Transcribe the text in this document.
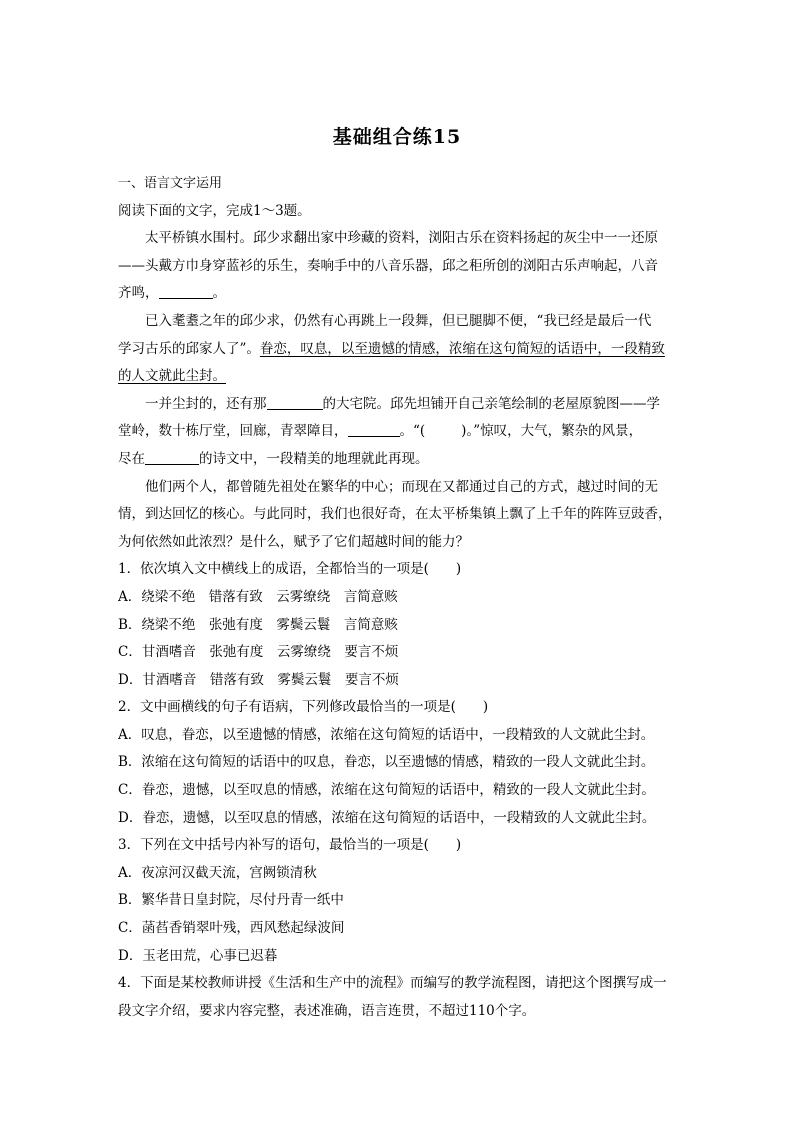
基础组合练15
一、语言文字运用
阅读下面的文字，完成1～3题。
太平桥镇水围村。邱少求翻出家中珍藏的资料，浏阳古乐在资料扬起的灰尘中一一还原
——头戴方巾身穿蓝衫的乐生，奏响手中的八音乐器，邱之秬所创的浏阳古乐声响起，八音
齐鸣，	。
已入耄耋之年的邱少求，仍然有心再跳上一段舞，但已腿脚不便，“我已经是最后一代
学习古乐的邱家人了”。眷恋，叹息，以至遗憾的情感，浓缩在这句简短的话语中，一段精致
的人文就此尘封。
一并尘封的，还有那	的大宅院。邱先坦铺开自己亲笔绘制的老屋原貌图——学
堂岭，数十栋厅堂，回廊，青翠障目，	。“(	)。”惊叹，大气，繁杂的风景，
尽在	的诗文中，一段精美的地理就此再现。
他们两个人，都曾随先祖处在繁华的中心；而现在又都通过自己的方式，越过时间的无
情，到达回忆的核心。与此同时，我们也很好奇，在太平桥集镇上飘了上千年的阵阵豆豉香，
为何依然如此浓烈？是什么，赋予了它们超越时间的能力？
1．依次填入文中横线上的成语，全都恰当的一项是(　　)
A．绕梁不绝　错落有致　云雾缭绕　言简意赅
B．绕梁不绝　张弛有度　雾鬓云鬟　言简意赅
C．甘酒嗜音　张弛有度　云雾缭绕　要言不烦
D．甘酒嗜音　错落有致　雾鬓云鬟　要言不烦
2．文中画横线的句子有语病，下列修改最恰当的一项是(　　)
A．叹息，眷恋，以至遗憾的情感，浓缩在这句简短的话语中，一段精致的人文就此尘封。
B．浓缩在这句简短的话语中的叹息，眷恋，以至遗憾的情感，精致的一段人文就此尘封。
C．眷恋，遗憾，以至叹息的情感，浓缩在这句简短的话语中，精致的一段人文就此尘封。
D．眷恋，遗憾，以至叹息的情感，浓缩在这句简短的话语中，一段精致的人文就此尘封。
3．下列在文中括号内补写的语句，最恰当的一项是(　　)
A．夜凉河汉截天流，宫阙锁清秋
B．繁华昔日皇封院，尽付丹青一纸中
C．菡萏香销翠叶残，西风愁起绿波间
D．玉老田荒，心事已迟暮
4．下面是某校教师讲授《生活和生产中的流程》而编写的教学流程图，请把这个图撰写成一
段文字介绍，要求内容完整，表述准确，语言连贯，不超过110个字。
